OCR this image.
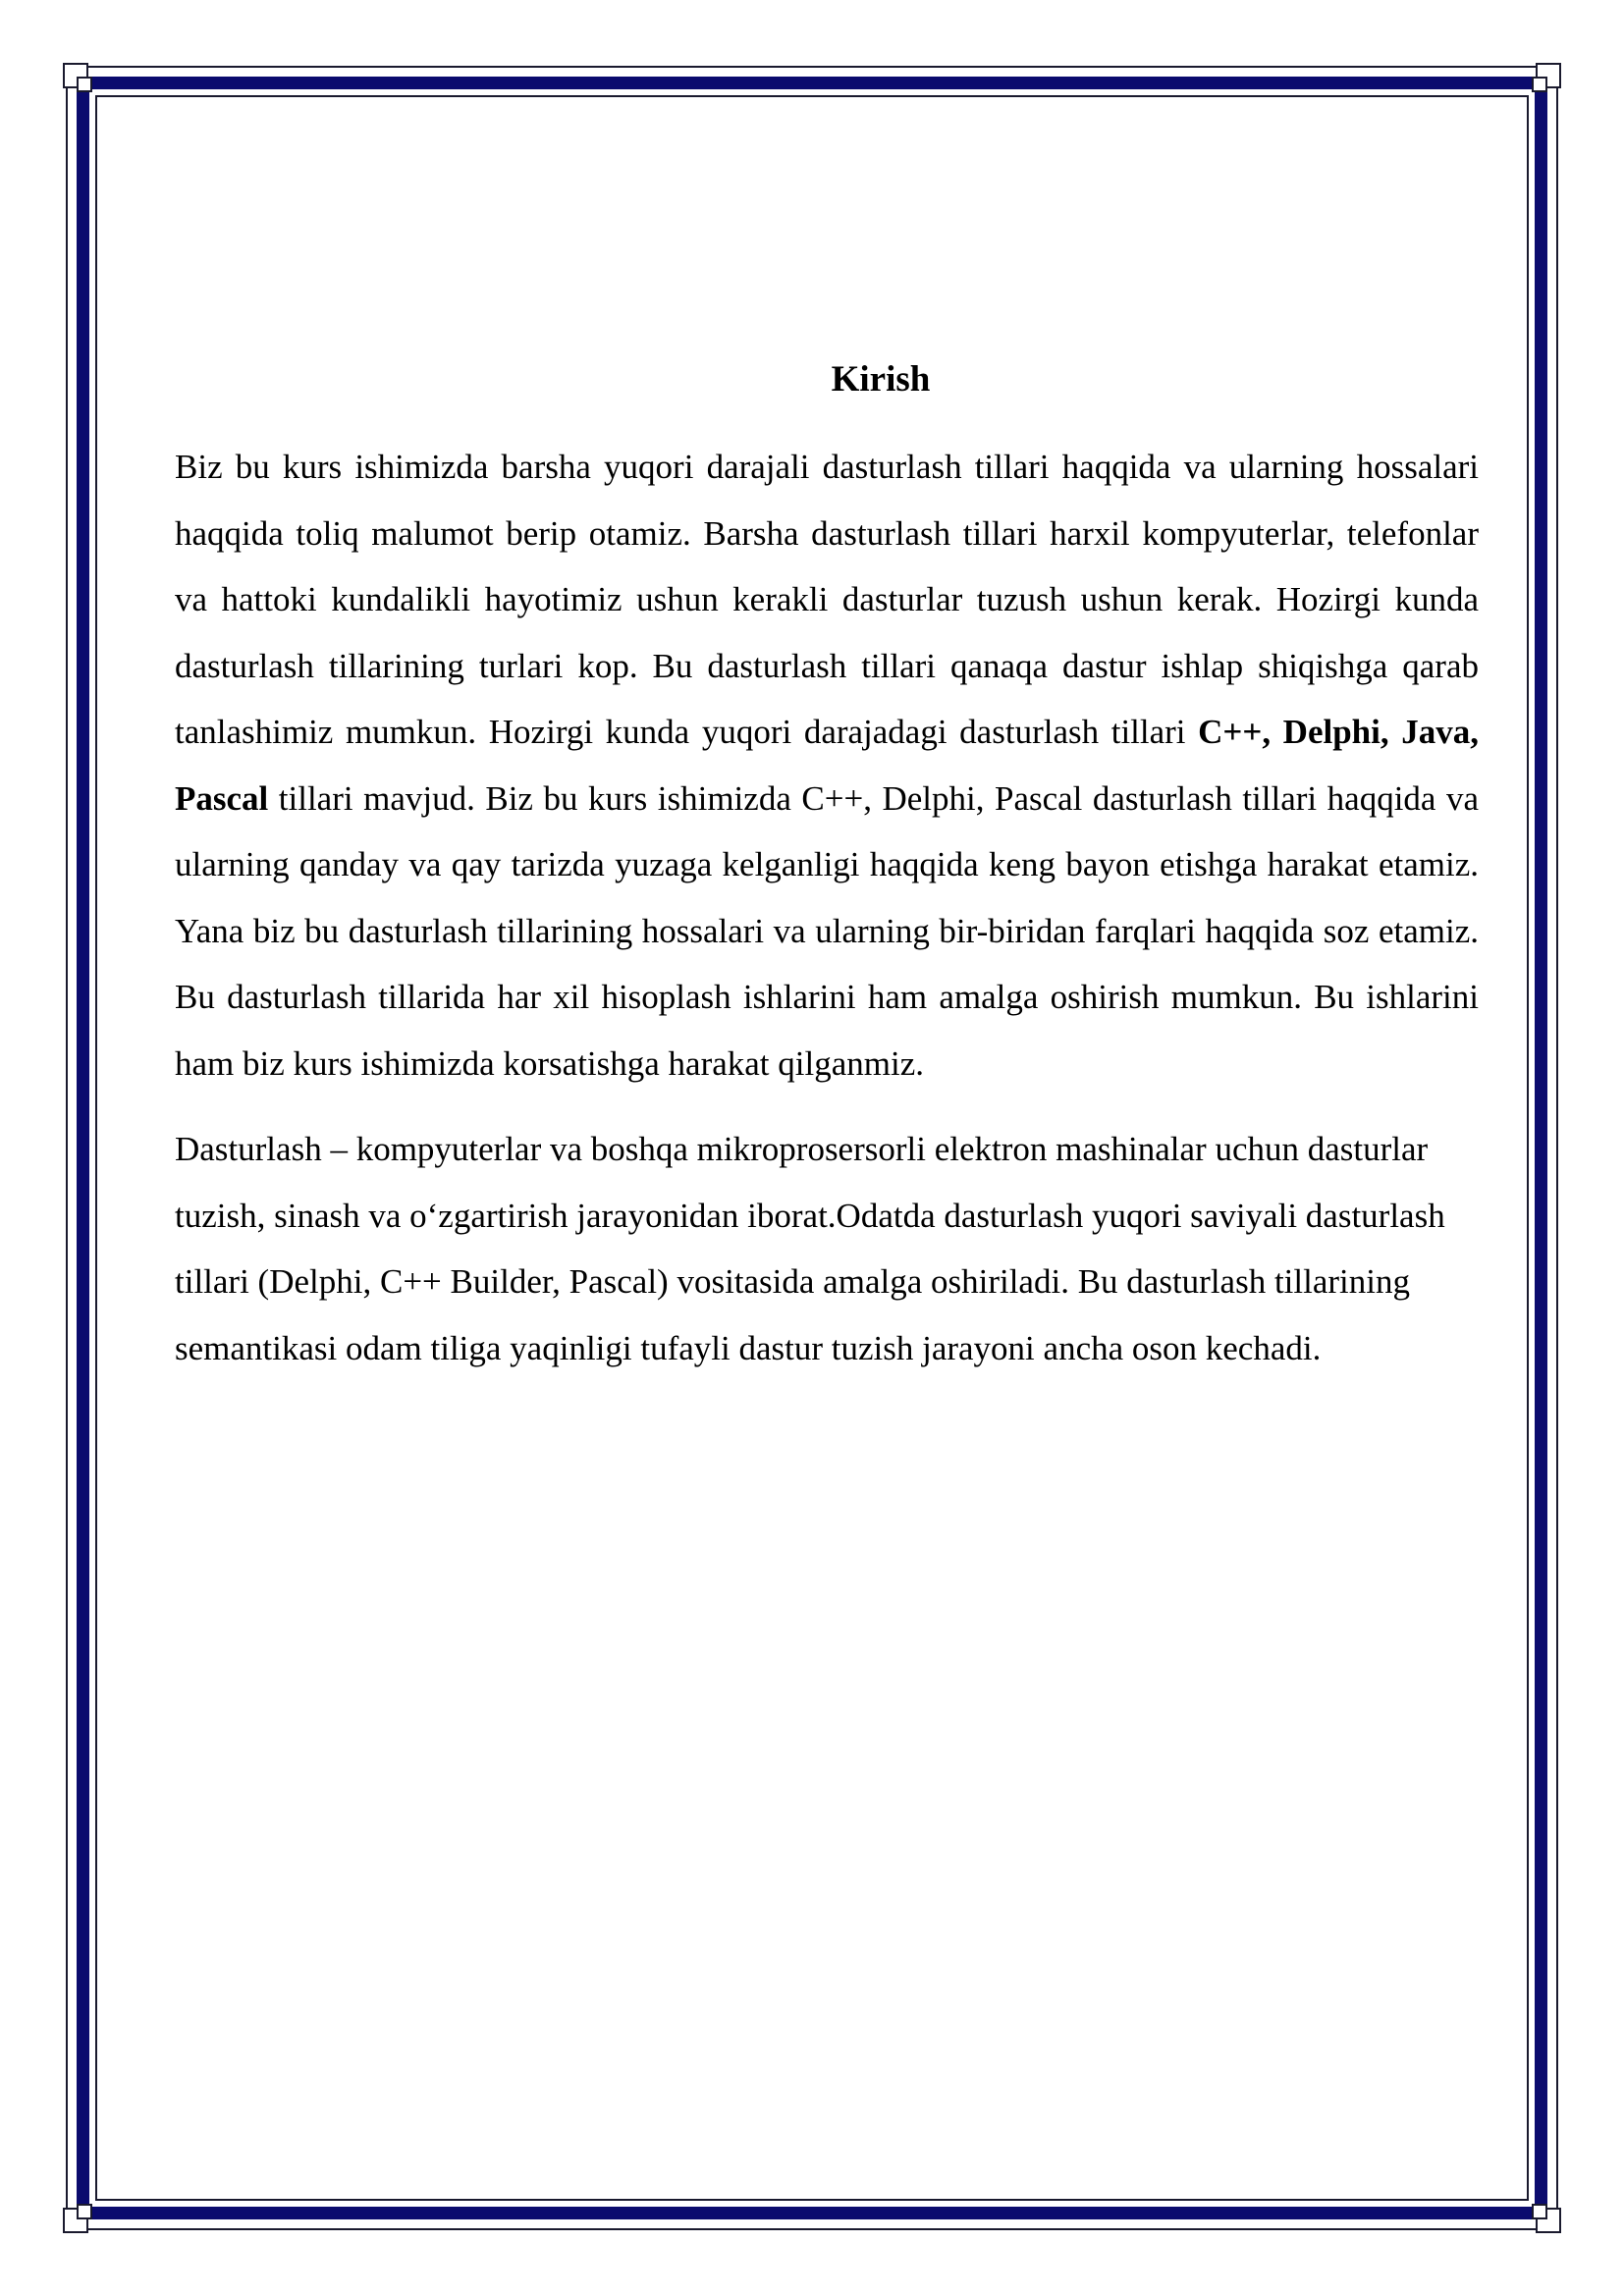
Kirish

Biz bu kurs ishimizda barsha yuqori darajali dasturlash tillari haqqida va ularning hossalari haqqida toliq malumot berip otamiz. Barsha dasturlash tillari harxil kompyuterlar, telefonlar va hattoki kundalikli hayotimiz ushun kerakli dasturlar tuzush ushun kerak. Hozirgi kunda dasturlash tillarining turlari kop. Bu dasturlash tillari qanaqa dastur ishlap shiqishga qarab tanlashimiz mumkun. Hozirgi kunda yuqori darajadagi dasturlash tillari C++, Delphi, Java, Pascal tillari mavjud. Biz bu kurs ishimizda C++, Delphi, Pascal dasturlash tillari haqqida va ularning qanday va qay tarizda yuzaga kelganligi haqqida keng bayon etishga harakat etamiz. Yana biz bu dasturlash tillarining hossalari va ularning bir-biridan farqlari haqqida soz etamiz. Bu dasturlash tillarida har xil hisoplash ishlarini ham amalga oshirish mumkun. Bu ishlarini ham biz kurs ishimizda korsatishga harakat qilganmiz.

Dasturlash – kompyuterlar va boshqa mikroprosersorli elektron mashinalar uchun dasturlar tuzish, sinash va o‘zgartirish jarayonidan iborat.Odatda dasturlash yuqori saviyali dasturlash tillari (Delphi, C++ Builder, Pascal) vositasida amalga oshiriladi. Bu dasturlash tillarining semantikasi odam tiliga yaqinligi tufayli dastur tuzish jarayoni ancha oson kechadi.
